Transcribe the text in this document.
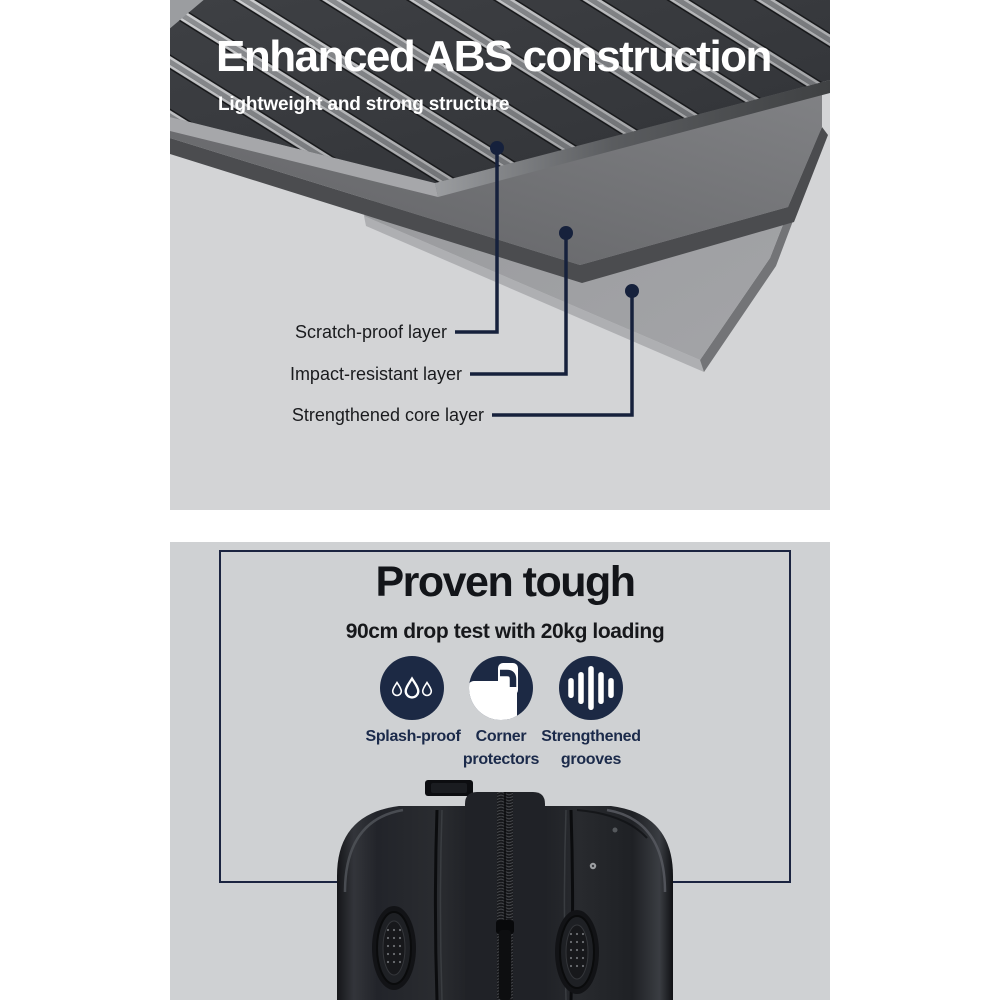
Enhanced ABS construction

Lightweight and strong structure

Scratch-proof layer
Impact-resistant layer
Strengthened core layer
Proven tough

90cm drop test with 20kg loading

Splash-proof Corner protectors
Strengthened grooves
